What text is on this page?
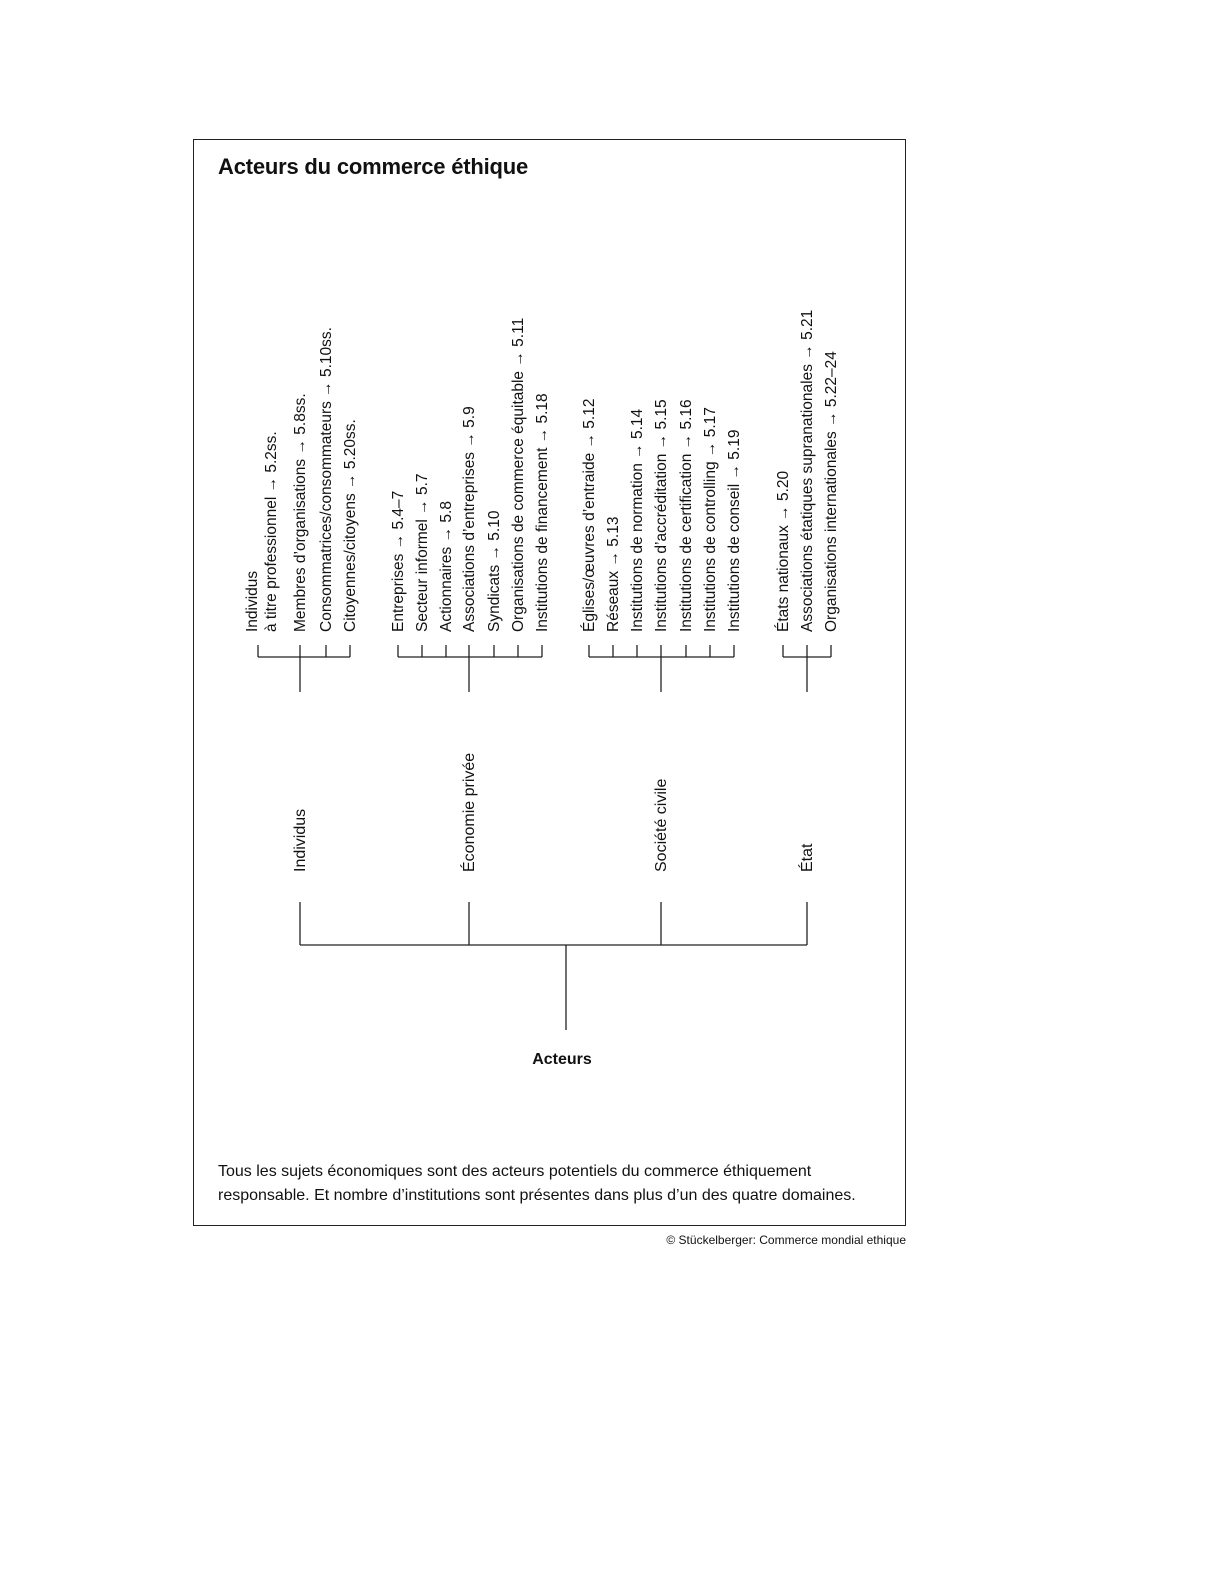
Acteurs du commerce éthique
Acteurs
Individus
Individus à titre professionnel → 5.2ss. Membres d’organisations → 5.8ss. Consommatrices/consommateurs → 5.10ss. Citoyennes/citoyens → 5.20ss.
Économie privée
Entreprises → 5.4–7 Secteur informel → 5.7 Actionnaires → 5.8 Associations d’entreprises → 5.9 Syndicats → 5.10 Organisations de commerce équitable → 5.11 Institutions de financement → 5.18
Société civile
Églises/œuvres d’entraide → 5.12 Réseaux → 5.13 Institutions de normation → 5.14 Institutions d’accréditation → 5.15 Institutions de certification → 5.16 Institutions de controlling → 5.17 Institutions de conseil → 5.19
État
États nationaux → 5.20 Associations étatiques supranationales → 5.21 Organisations internationales → 5.22–24
Tous les sujets économiques sont des acteurs potentiels du commerce éthiquement responsable. Et nombre d’institutions sont présentes dans plus d’un des quatre domaines.
© Stückelberger: Commerce mondial ethique
